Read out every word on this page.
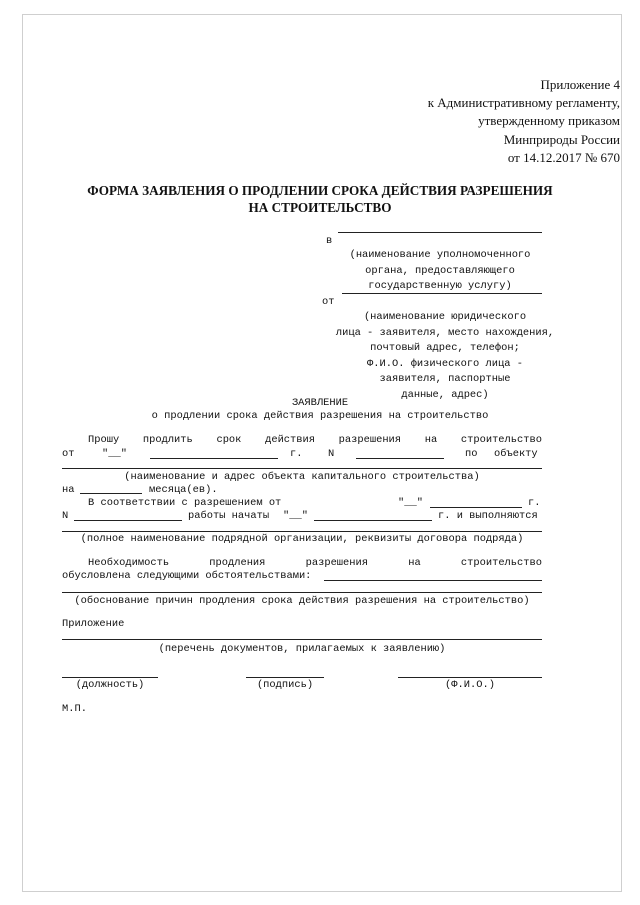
Приложение 4
к Административному регламенту,
утвержденному приказом
Минприроды России
от 14.12.2017 № 670
ФОРМА ЗАЯВЛЕНИЯ О ПРОДЛЕНИИ СРОКА ДЕЙСТВИЯ РАЗРЕШЕНИЯ
НА СТРОИТЕЛЬСТВО
в
(наименование уполномоченного
органа, предоставляющего
государственную услугу)
от
(наименование юридического
лица - заявителя, место нахождения,
почтовый адрес, телефон;
Ф.И.О. физического лица -
заявителя, паспортные
данные, адрес)
ЗАЯВЛЕНИЕ
о продлении срока действия разрешения на строительство
Прошу продлить срок действия разрешения на строительство
от	"__"	г. N	по объекту
(наименование и адрес объекта капитального строительства)
на	месяца(ев).
В соответствии с разрешением от	"__"	г.
N	работы начаты "__"	г. и выполняются
(полное наименование подрядной организации, реквизиты договора подряда)
Необходимость	продления	разрешения	на	строительство
обусловлена следующими обстоятельствами:
(обоснование причин продления срока действия разрешения на строительство)
Приложение
(перечень документов, прилагаемых к заявлению)
(должность)	(подпись)	(Ф.И.О.)
М.П.
